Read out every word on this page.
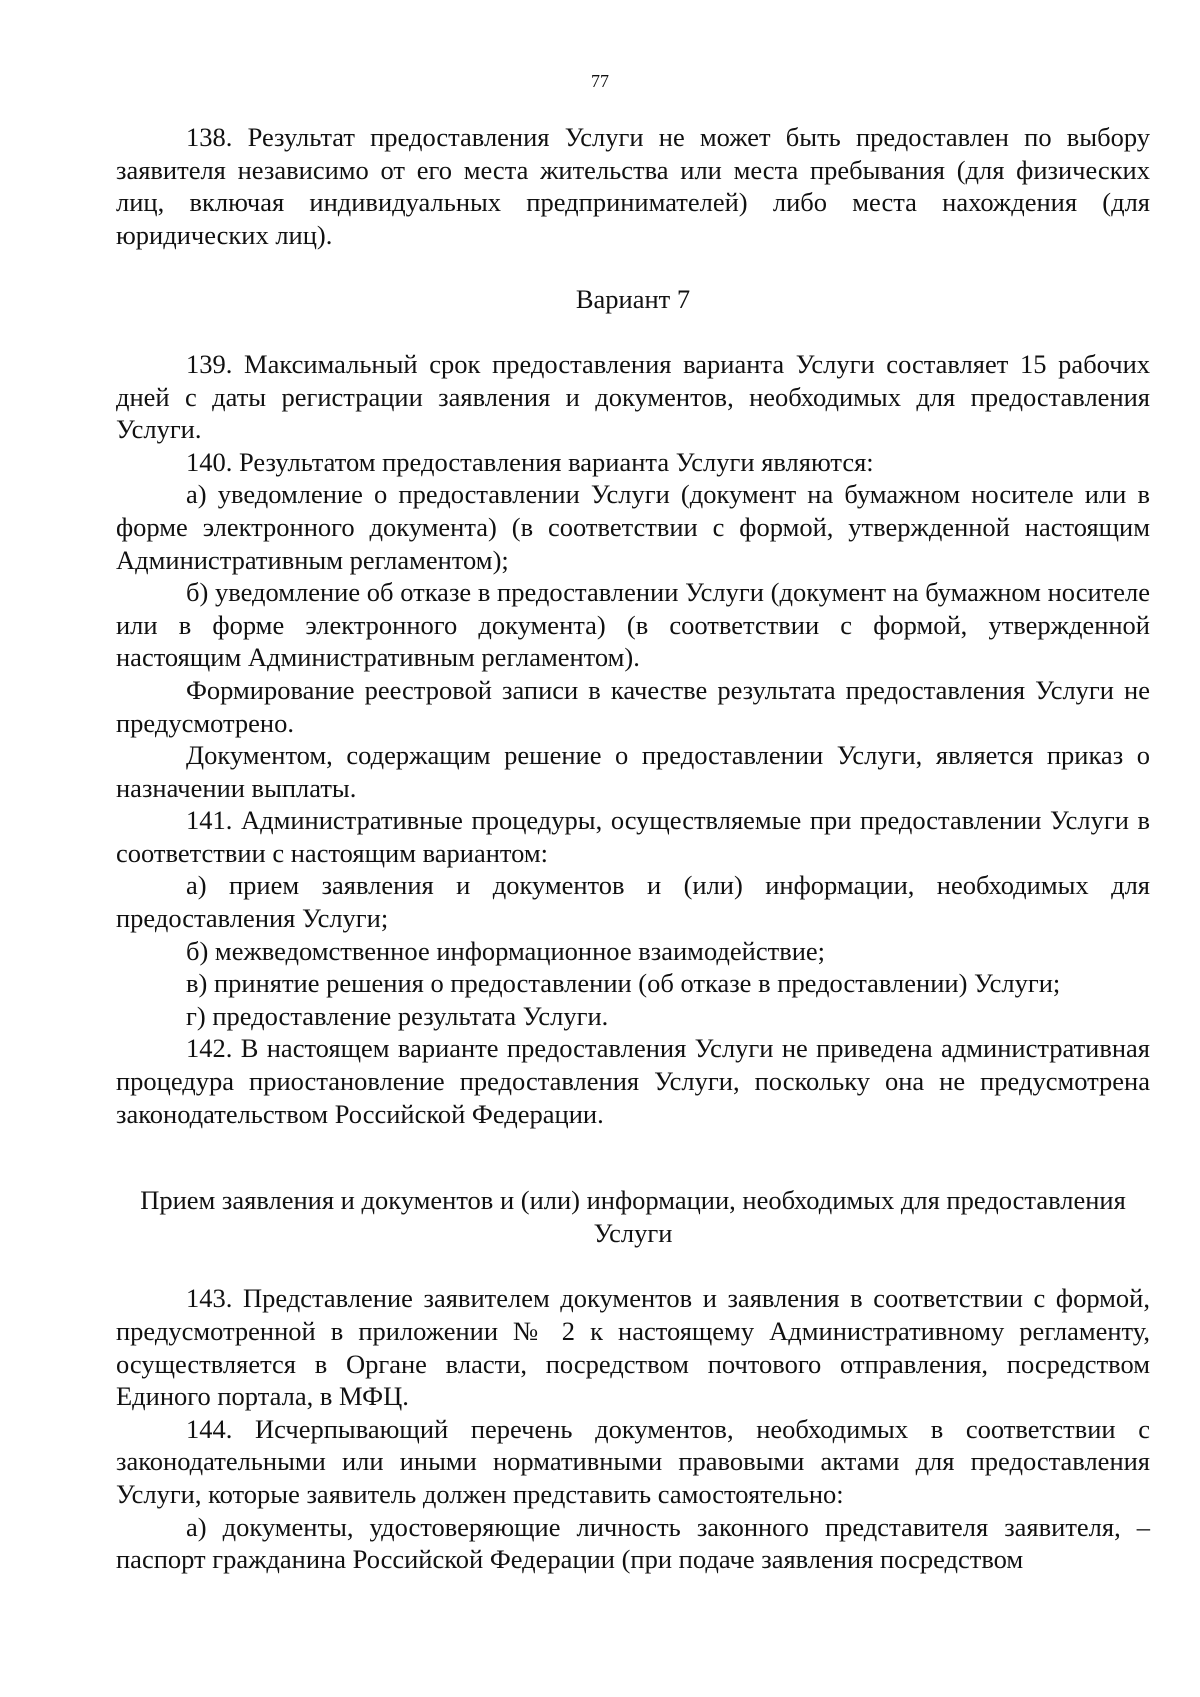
77

138. Результат предоставления Услуги не может быть предоставлен по выбору заявителя независимо от его места жительства или места пребывания (для физических лиц, включая индивидуальных предпринимателей) либо места нахождения (для юридических лиц).

Вариант 7

139. Максимальный срок предоставления варианта Услуги составляет 15 рабочих дней с даты регистрации заявления и документов, необходимых для предоставления Услуги.

140. Результатом предоставления варианта Услуги являются:

а) уведомление о предоставлении Услуги (документ на бумажном носителе или в форме электронного документа) (в соответствии с формой, утвержденной настоящим Административным регламентом);

б) уведомление об отказе в предоставлении Услуги (документ на бумажном носителе или в форме электронного документа) (в соответствии с формой, утвержденной настоящим Административным регламентом).

Формирование реестровой записи в качестве результата предоставления Услуги не предусмотрено.

Документом, содержащим решение о предоставлении Услуги, является приказ о назначении выплаты.

141. Административные процедуры, осуществляемые при предоставлении Услуги в соответствии с настоящим вариантом:

а) прием заявления и документов и (или) информации, необходимых для предоставления Услуги;

б) межведомственное информационное взаимодействие;

в) принятие решения о предоставлении (об отказе в предоставлении) Услуги;

г) предоставление результата Услуги.

142. В настоящем варианте предоставления Услуги не приведена административная процедура приостановление предоставления Услуги, поскольку она не предусмотрена законодательством Российской Федерации.

Прием заявления и документов и (или) информации, необходимых для предоставления Услуги

143. Представление заявителем документов и заявления в соответствии с формой, предусмотренной в приложении № 2 к настоящему Административному регламенту, осуществляется в Органе власти, посредством почтового отправления, посредством Единого портала, в МФЦ.

144. Исчерпывающий перечень документов, необходимых в соответствии с законодательными или иными нормативными правовыми актами для предоставления Услуги, которые заявитель должен представить самостоятельно:

а) документы, удостоверяющие личность законного представителя заявителя, – паспорт гражданина Российской Федерации (при подаче заявления посредством
